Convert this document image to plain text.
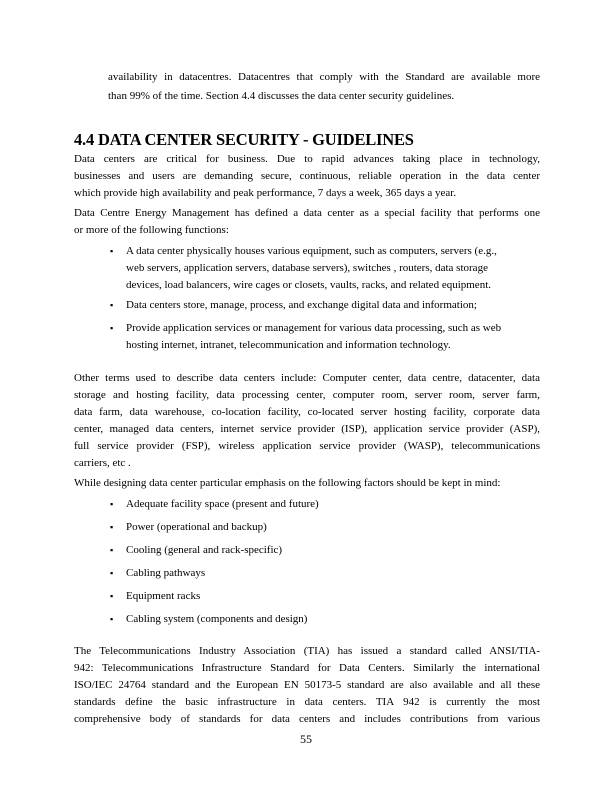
availability in datacentres. Datacentres that comply with the Standard are available more
than 99% of the time. Section 4.4 discusses the data center security guidelines.
4.4 DATA CENTER SECURITY - GUIDELINES
Data centers are critical for business. Due to rapid advances taking place in technology,
businesses and users are demanding secure, continuous, reliable operation in the data center
which provide high availability and peak performance, 7 days a week, 365 days a year.
Data Centre Energy Management has defined a data center as a special facility that performs one
or more of the following functions:
▪ A data center physically houses various equipment, such as computers, servers (e.g.,
web servers, application servers, database servers), switches , routers, data storage
devices, load balancers, wire cages or closets, vaults, racks, and related equipment.
▪ Data centers store, manage, process, and exchange digital data and information;
▪ Provide application services or management for various data processing, such as web
hosting internet, intranet, telecommunication and information technology.
Other terms used to describe data centers include: Computer center, data centre, datacenter, data
storage and hosting facility, data processing center, computer room, server room, server farm,
data farm, data warehouse, co-location facility, co-located server hosting facility, corporate data
center, managed data centers, internet service provider (ISP), application service provider (ASP),
full service provider (FSP), wireless application service provider (WASP), telecommunications
carriers, etc .
While designing data center particular emphasis on the following factors should be kept in mind:
▪ Adequate facility space (present and future)
▪ Power (operational and backup)
▪ Cooling (general and rack-specific)
▪ Cabling pathways
▪ Equipment racks
▪ Cabling system (components and design)
The Telecommunications Industry Association (TIA) has issued a standard called ANSI/TIA-
942: Telecommunications Infrastructure Standard for Data Centers. Similarly the international
ISO/IEC 24764 standard and the European EN 50173-5 standard are also available and all these
standards define the basic infrastructure in data centers. TIA 942 is currently the most
comprehensive body of standards for data centers and includes contributions from various
55
